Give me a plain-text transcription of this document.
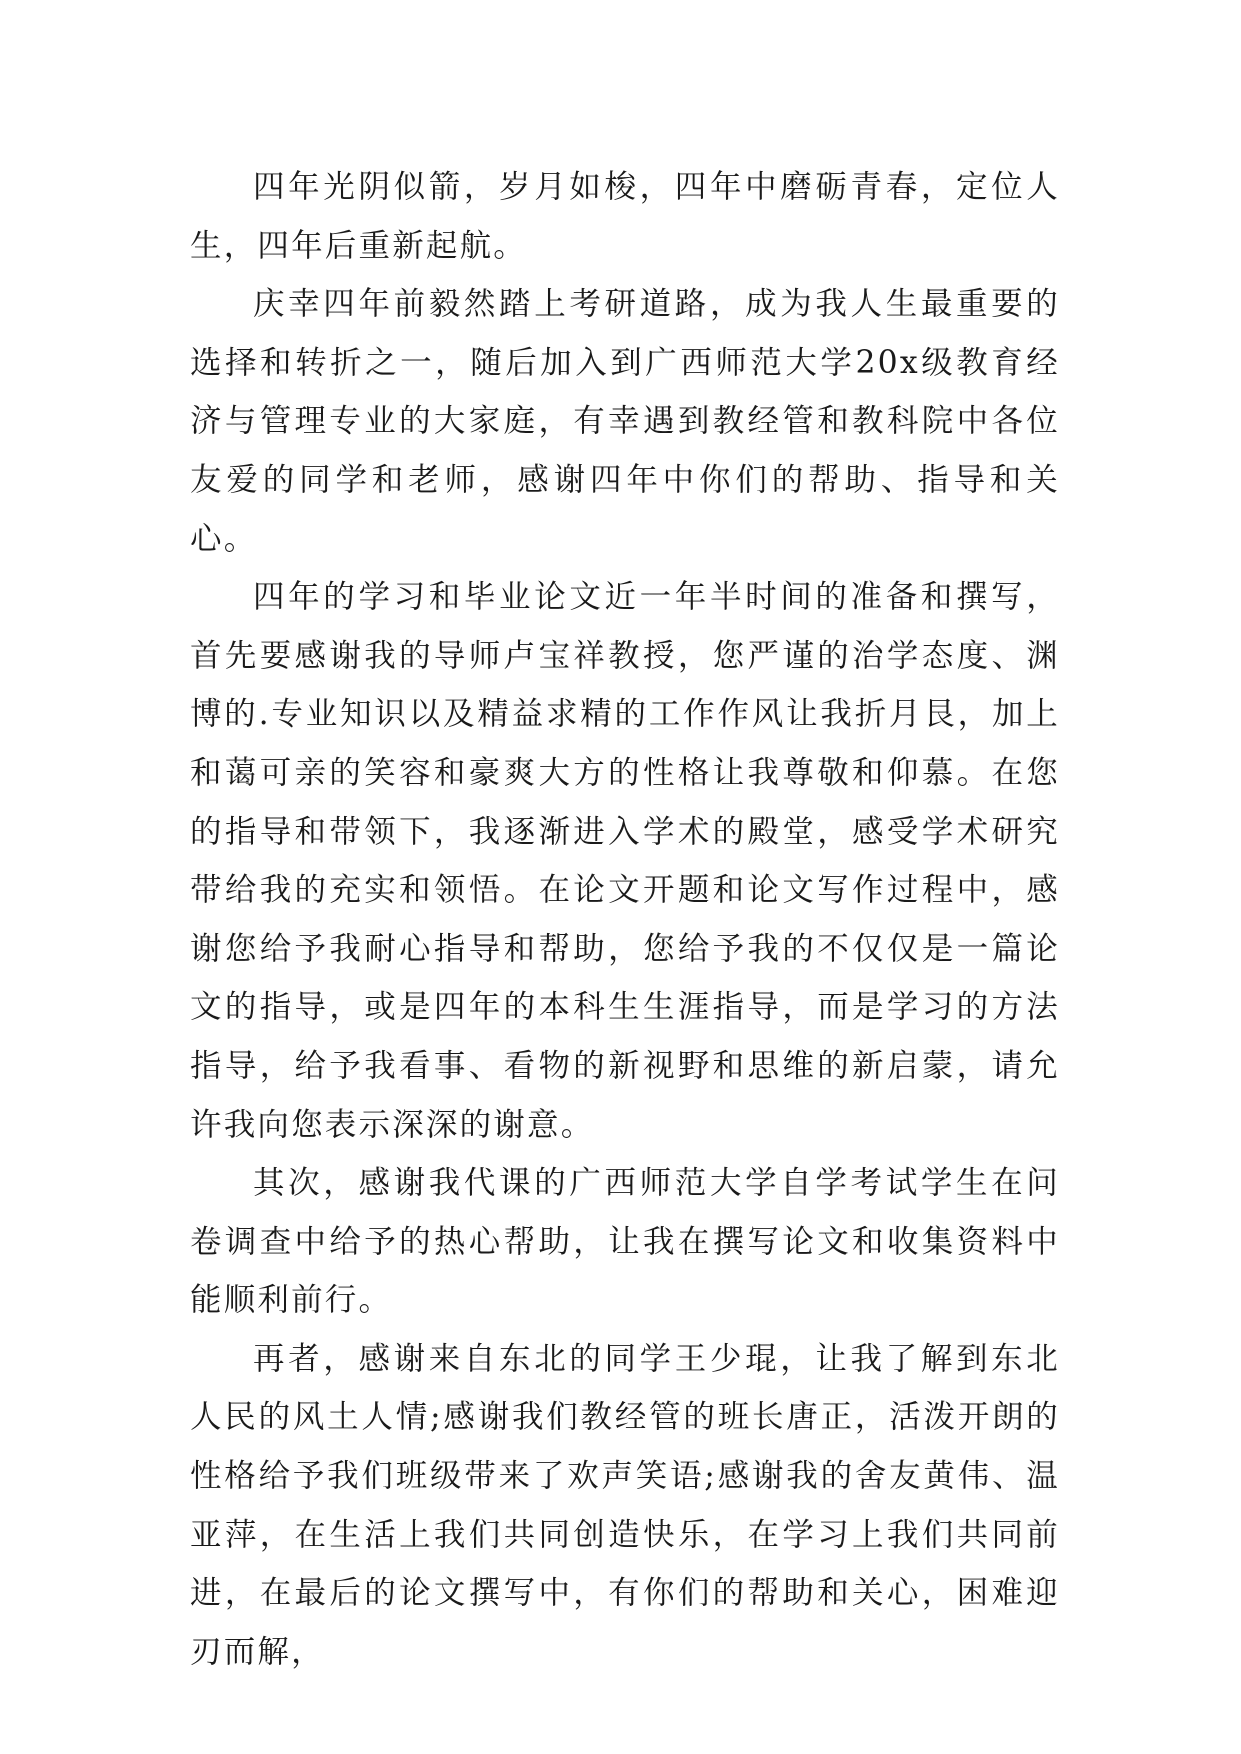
四年光阴似箭，岁月如梭，四年中磨砺青春，定位人生，四年后重新起航。

庆幸四年前毅然踏上考研道路，成为我人生最重要的选择和转折之一，随后加入到广西师范大学20x级教育经济与管理专业的大家庭，有幸遇到教经管和教科院中各位友爱的同学和老师，感谢四年中你们的帮助、指导和关心。

四年的学习和毕业论文近一年半时间的准备和撰写，首先要感谢我的导师卢宝祥教授，您严谨的治学态度、渊博的.专业知识以及精益求精的工作作风让我折月艮，加上和蔼可亲的笑容和豪爽大方的性格让我尊敬和仰慕。在您的指导和带领下，我逐渐进入学术的殿堂，感受学术研究带给我的充实和领悟。在论文开题和论文写作过程中，感谢您给予我耐心指导和帮助，您给予我的不仅仅是一篇论文的指导，或是四年的本科生生涯指导，而是学习的方法指导，给予我看事、看物的新视野和思维的新启蒙，请允许我向您表示深深的谢意。

其次，感谢我代课的广西师范大学自学考试学生在问卷调查中给予的热心帮助，让我在撰写论文和收集资料中能顺利前行。

再者，感谢来自东北的同学王少琨，让我了解到东北人民的风土人情;感谢我们教经管的班长唐正，活泼开朗的性格给予我们班级带来了欢声笑语;感谢我的舍友黄伟、温亚萍，在生活上我们共同创造快乐，在学习上我们共同前进，在最后的论文撰写中，有你们的帮助和关心，困难迎刃而解，
